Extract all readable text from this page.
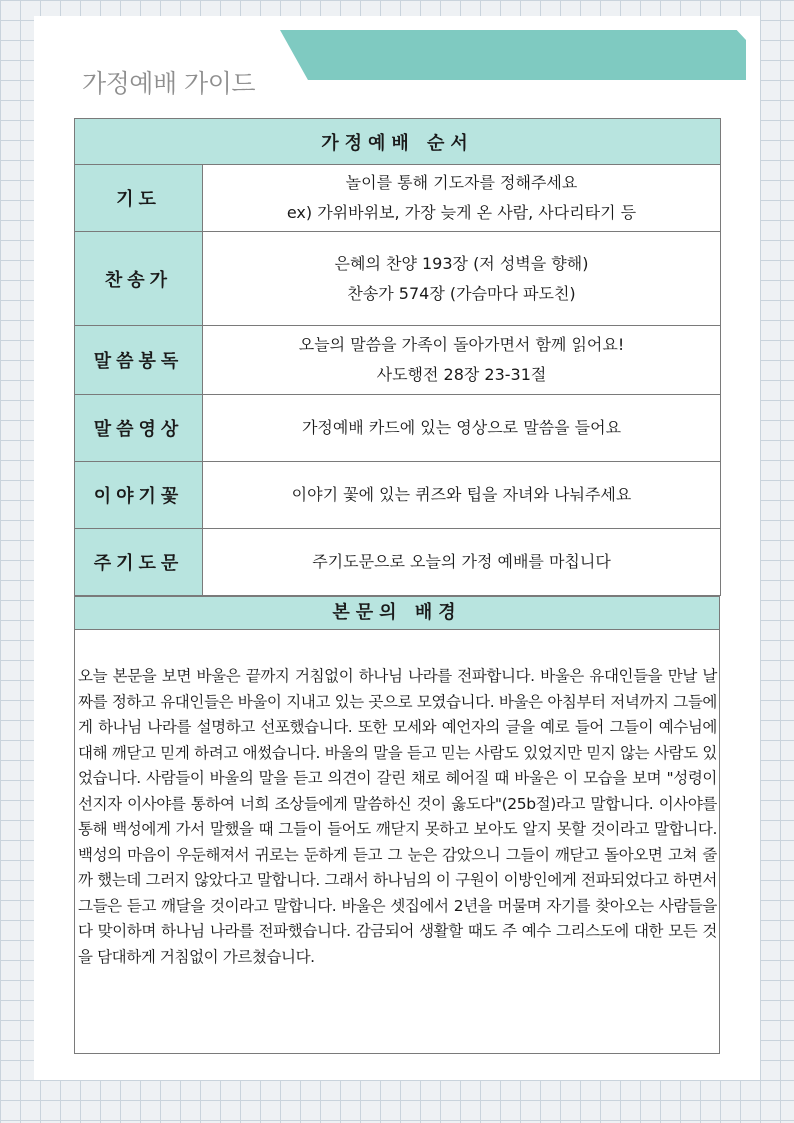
가정예배 가이드
가정예배 순서	
기도	놀이를 통해 기도자를 정해주세요
ex) 가위바위보, 가장 늦게 온 사람, 사다리타기 등

찬송가	은혜의 찬양 193장 (저 성벽을 향해)
찬송가 574장 (가슴마다 파도친)

말씀봉독	오늘의 말씀을 가족이 돌아가면서 함께 읽어요!
사도행전 28장 23-31절

말씀영상	가정예배 카드에 있는 영상으로 말씀을 들어요

이야기꽃	이야기 꽃에 있는 퀴즈와 팁을 자녀와 나눠주세요

주기도문	주기도문으로 오늘의 가정 예배를 마칩니다
본문의 배경
오늘 본문을 보면 바울은 끝까지 거침없이 하나님 나라를 전파합니다. 바울은 유대인들을 만날 날짜를 정하고 유대인들은 바울이 지내고 있는 곳으로 모였습니다. 바울은 아침부터 저녁까지 그들에게 하나님 나라를 설명하고 선포했습니다. 또한 모세와 예언자의 글을 예로 들어 그들이 예수님에 대해 깨닫고 믿게 하려고 애썼습니다. 바울의 말을 듣고 믿는 사람도 있었지만 믿지 않는 사람도 있었습니다. 사람들이 바울의 말을 듣고 의견이 갈린 채로 헤어질 때 바울은 이 모습을 보며 "성령이 선지자 이사야를 통하여 너희 조상들에게 말씀하신 것이 옳도다"(25b절)라고 말합니다. 이사야를 통해 백성에게 가서 말했을 때 그들이 들어도 깨닫지 못하고 보아도 알지 못할 것이라고 말합니다. 백성의 마음이 우둔해져서 귀로는 둔하게 듣고 그 눈은 감았으니 그들이 깨닫고 돌아오면 고쳐 줄까 했는데 그러지 않았다고 말합니다. 그래서 하나님의 이 구원이 이방인에게 전파되었다고 하면서 그들은 듣고 깨달을 것이라고 말합니다. 바울은 셋집에서 2년을 머물며 자기를 찾아오는 사람들을 다 맞이하며 하나님 나라를 전파했습니다. 감금되어 생활할 때도 주 예수 그리스도에 대한 모든 것을 담대하게 거침없이 가르쳤습니다.
